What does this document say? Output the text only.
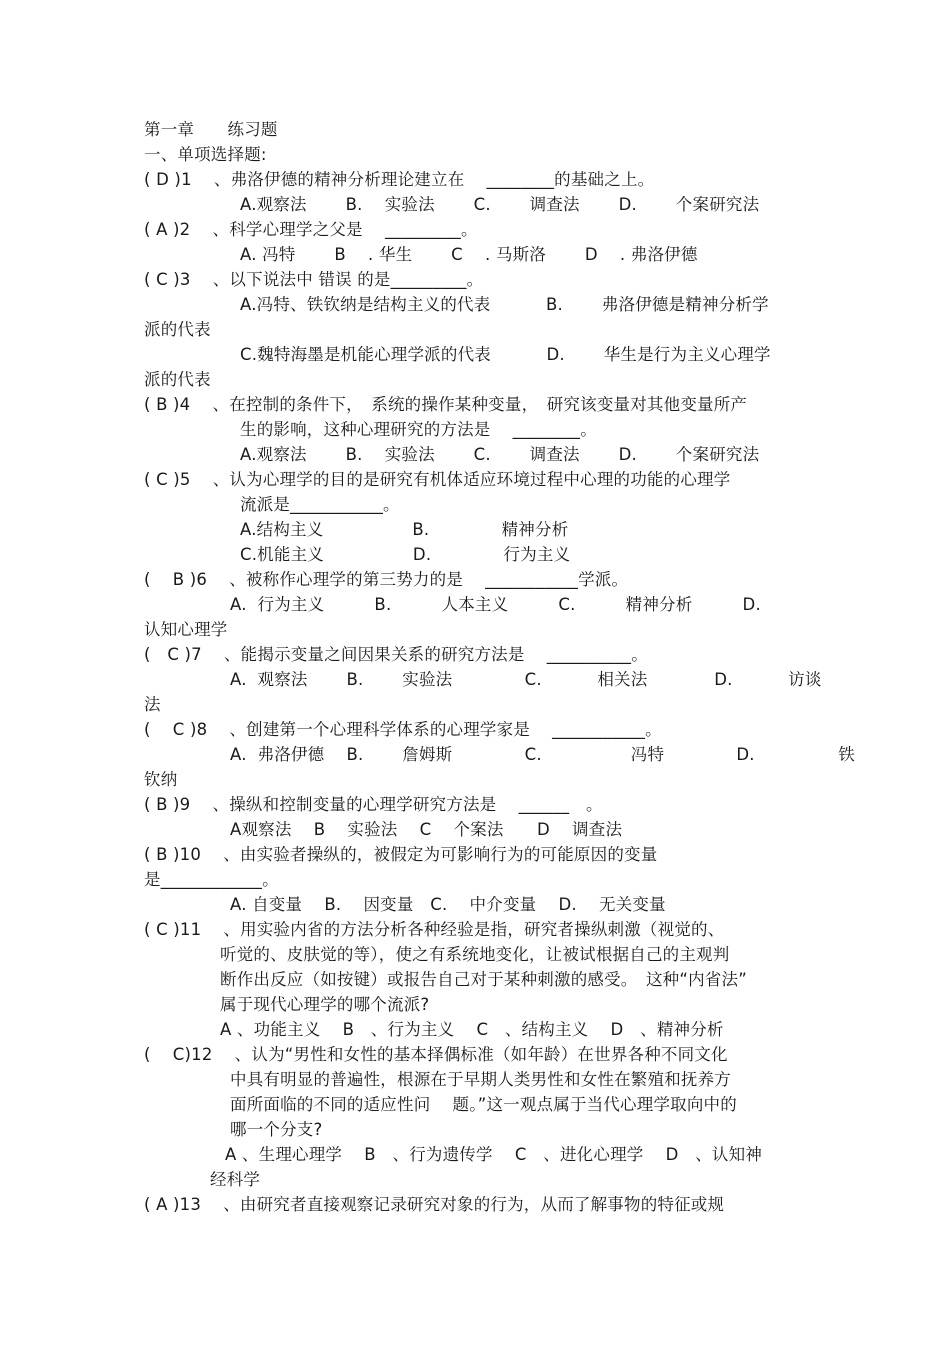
第一章　　练习题
一、单项选择题:
( D )1　 、弗洛伊德的精神分析理论建立在　 ________的基础之上。
A.观察法　　 B.　 实验法　　 C.　　 调查法　　 D.　　 个案研究法
( A )2　 、科学心理学之父是　 _________。
A. 冯特　 　B　 . 华生　 　C　 . 马斯洛　　 D　 . 弗洛伊德
( C )3　 、以下说法中 错误 的是_________。
A.冯特、铁钦纳是结构主义的代表　　　 B.　　 弗洛伊德是精神分析学
派的代表
C.魏特海墨是机能心理学派的代表　　　 D.　　 华生是行为主义心理学
派的代表
( B )4　 、在控制的条件下，　系统的操作某种变量，　研究该变量对其他变量所产
生的影响，这种心理研究的方法是　 ________。
A.观察法　　 B.　 实验法　　 C.　　 调查法　　 D.　　 个案研究法
( C )5　 、认为心理学的目的是研究有机体适应环境过程中心理的功能的心理学
流派是___________。
A.结构主义　　　　　 B.　　　　 精神分析
C.机能主义　　　　　 D.　　　　 行为主义
(　 B )6　 、被称作心理学的第三势力的是　 ___________学派。
A.  行为主义　　　B.　　　人本主义　　　C.　　　精神分析　　　D.
认知心理学
(　C )7　 、能揭示变量之间因果关系的研究方法是　 __________。
A.  观察法　　 B.　　 实验法　　　　 C.　　　 相关法　　　　D.　　　 访谈
法
(　 C )8　 、创建第一个心理科学体系的心理学家是　 ___________。
A.  弗洛伊德　 B.　　 詹姆斯　　　　 C.　　　　　 冯特　　　　 D.　　　　　铁
钦纳
( B )9　 、操纵和控制变量的心理学研究方法是　 ______　。
A观察法　 B　 实验法　 C　 个案法　　D　 调查法
( B )10　 、由实验者操纵的，被假定为可影响行为的可能原因的变量
是____________。
A. 自变量　 B.　 因变量　C.　 中介变量　 D.　 无关变量
( C )11　 、用实验内省的方法分析各种经验是指，研究者操纵刺激（视觉的、
听觉的、皮肤觉的等），使之有系统地变化，让被试根据自己的主观判
断作出反应（如按键）或报告自己对于某种刺激的感受。　这种“内省法”
属于现代心理学的哪个流派?
A 、功能主义　 B　、行为主义　 C　、结构主义　 D　、精神分析
(　 C)12　 、认为“男性和女性的基本择偶标准（如年龄）在世界各种不同文化
中具有明显的普遍性，根源在于早期人类男性和女性在繁殖和抚养方
面所面临的不同的适应性问　 题。”这一观点属于当代心理学取向中的
哪一个分支?
A 、生理心理学　 B　、行为遗传学　 C　、进化心理学　 D　、认知神
经科学
( A )13　 、由研究者直接观察记录研究对象的行为，从而了解事物的特征或规
